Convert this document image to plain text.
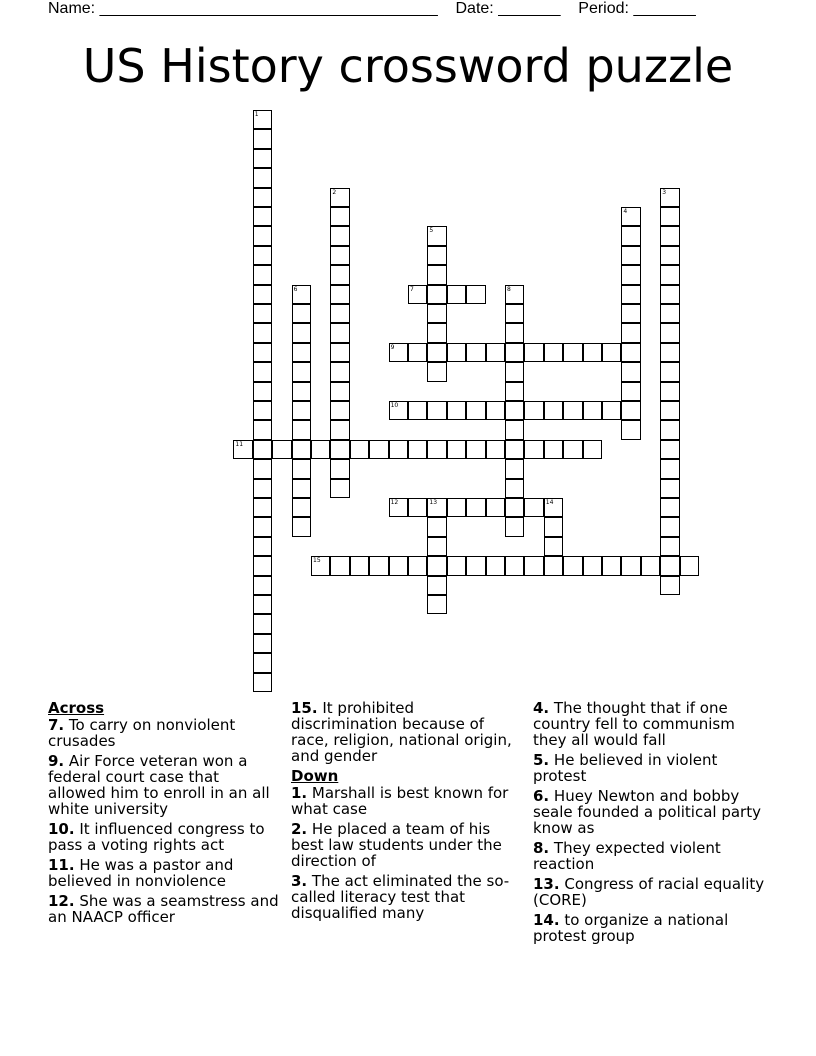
Name: ______________________________________ Date: _______ Period: _______
US History crossword puzzle
1
2	3
4
5
6	7	8
9
10
11
12	13	14
15
Across
7. To carry on nonviolent crusades
9. Air Force veteran won a federal court case that allowed him to enroll in an all white university
10. It influenced congress to pass a voting rights act
11. He was a pastor and believed in nonviolence
12. She was a seamstress and an NAACP officer
15. It prohibited discrimination because of race, religion, national origin, and gender
Down
1. Marshall is best known for what case
2. He placed a team of his best law students under the direction of
3. The act eliminated the so-called literacy test that disqualified many
4. The thought that if one country fell to communism they all would fall
5. He believed in violent protest
6. Huey Newton and bobby seale founded a political party know as
8. They expected violent reaction
13. Congress of racial equality (CORE)
14. to organize a national protest group
